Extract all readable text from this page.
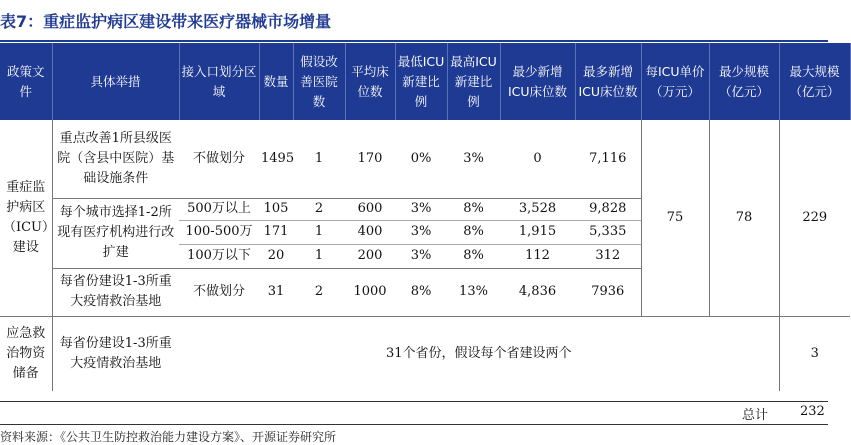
表7：重症监护病区建设带来医疗器械市场增量
政策文件	具体举措	接入口划分区域	数量	假设改善医院数	平均床位数	最低ICU新建比例	最高ICU新建比例	最少新增ICU床位数	最多新增ICU床位数	每ICU单价（万元）	最少规模（亿元）	最大规模（亿元）
重症监护病区（ICU）建设	重点改善1所县级医院（含县中医院）基础设施条件	不做划分	1495	1	170	0%	3%	0	7,116	75	78	229
	每个城市选择1-2所现有医疗机构进行改扩建	500万以上	105	2	600	3%	8%	3,528	9,828			
		100-500万	171	1	400	3%	8%	1,915	5,335			
		100万以下	20	1	200	3%	8%	112	312			
	每省份建设1-3所重大疫情救治基地	不做划分	31	2	1000	8%	13%	4,836	7936			
应急救治物资储备	每省份建设1-3所重大疫情救治基地	31个省份，假设每个省建设两个										3
总计 232
资料来源：《公共卫生防控救治能力建设方案》、开源证券研究所
